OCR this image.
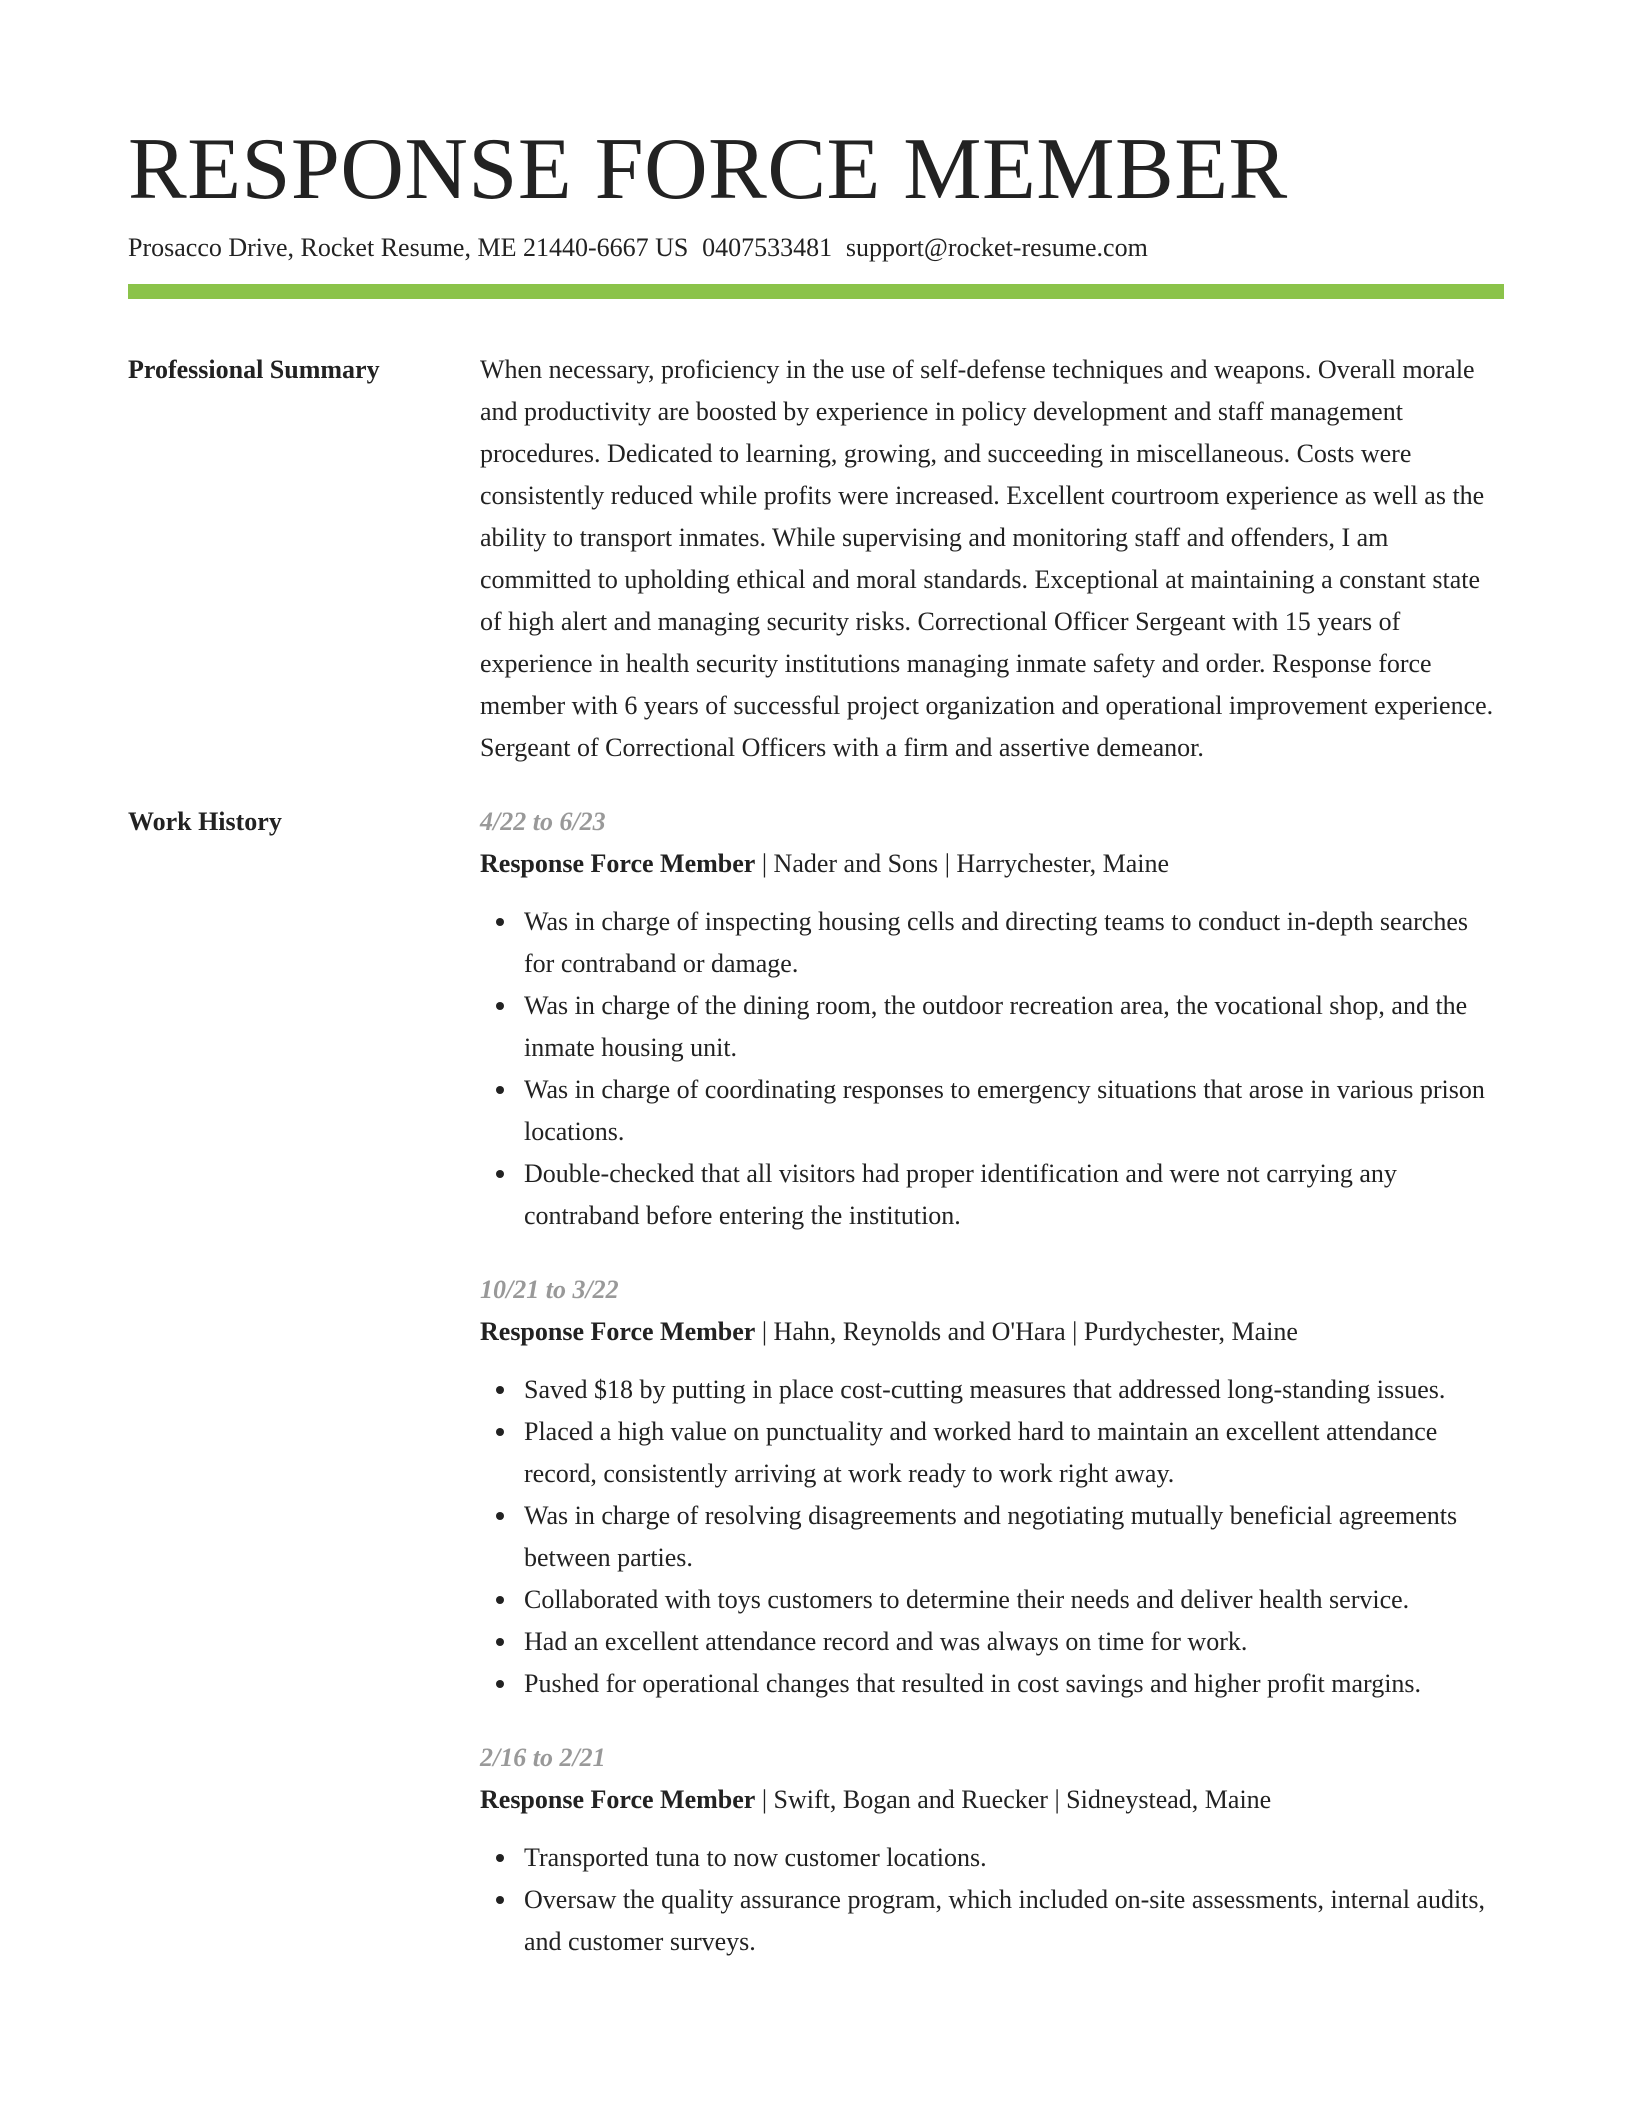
RESPONSE FORCE MEMBER
Prosacco Drive, Rocket Resume, ME 21440-6667 US 0407533481 support@rocket-resume.com
Professional Summary	When necessary, proficiency in the use of self-defense techniques and weapons. Overall morale and productivity are boosted by experience in policy development and staff management procedures. Dedicated to learning, growing, and succeeding in miscellaneous. Costs were consistently reduced while profits were increased. Excellent courtroom experience as well as the ability to transport inmates. While supervising and monitoring staff and offenders, I am committed to upholding ethical and moral standards. Exceptional at maintaining a constant state of high alert and managing security risks. Correctional Officer Sergeant with 15 years of experience in health security institutions managing inmate safety and order. Response force member with 6 years of successful project organization and operational improvement experience. Sergeant of Correctional Officers with a firm and assertive demeanor.

Work History	4/22 to 6/23
Response Force Member | Nader and Sons | Harrychester, Maine
Was in charge of inspecting housing cells and directing teams to conduct in-depth searches for contraband or damage.
Was in charge of the dining room, the outdoor recreation area, the vocational shop, and the inmate housing unit.
Was in charge of coordinating responses to emergency situations that arose in various prison locations.
Double-checked that all visitors had proper identification and were not carrying any contraband before entering the institution.
10/21 to 3/22
Response Force Member | Hahn, Reynolds and O'Hara | Purdychester, Maine
Saved $18 by putting in place cost-cutting measures that addressed long-standing issues.
Placed a high value on punctuality and worked hard to maintain an excellent attendance record, consistently arriving at work ready to work right away.
Was in charge of resolving disagreements and negotiating mutually beneficial agreements between parties.
Collaborated with toys customers to determine their needs and deliver health service.
Had an excellent attendance record and was always on time for work.
Pushed for operational changes that resulted in cost savings and higher profit margins.
2/16 to 2/21
Response Force Member | Swift, Bogan and Ruecker | Sidneystead, Maine
Transported tuna to now customer locations.
Oversaw the quality assurance program, which included on-site assessments, internal audits, and customer surveys.
